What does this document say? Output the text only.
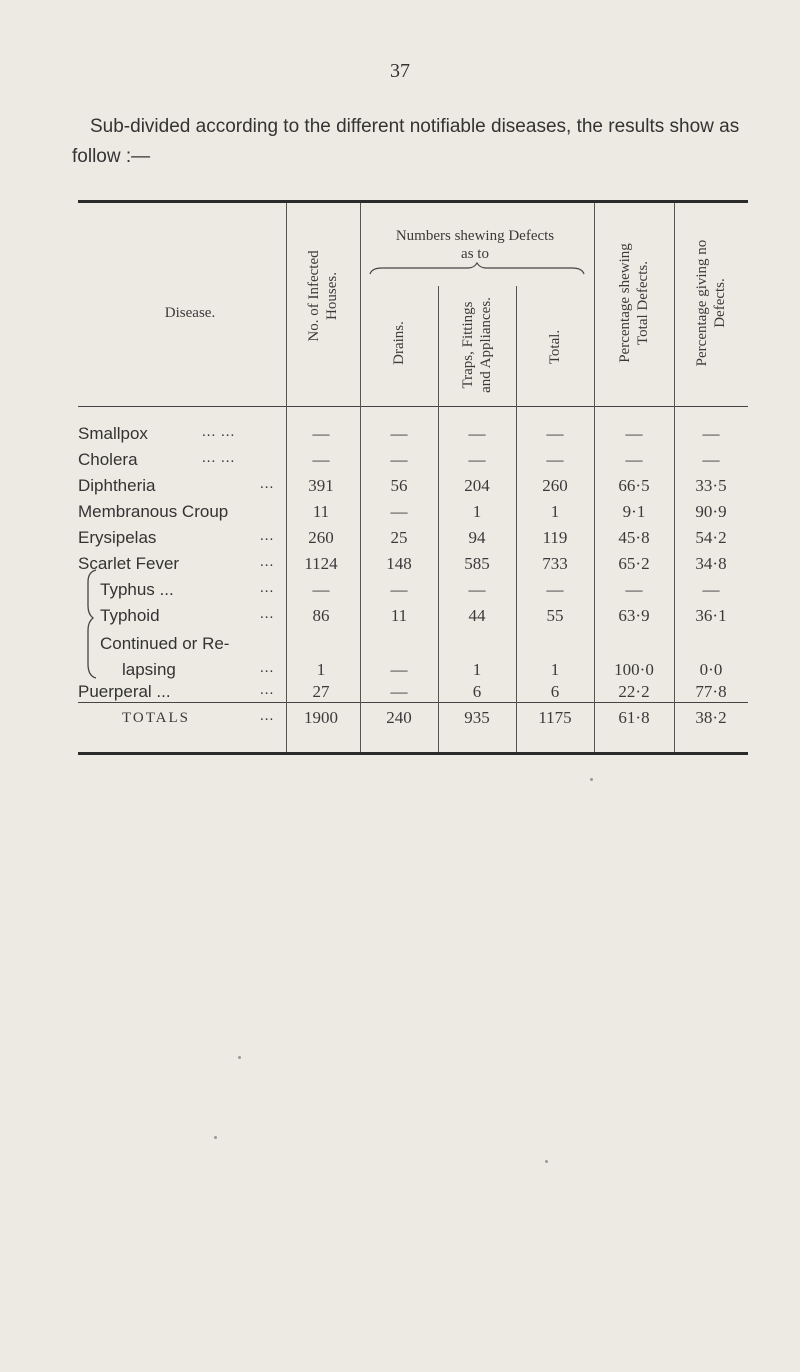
37
Sub-divided according to the different notifiable diseases, the results show as follow :—
Disease.	No. of Infected Houses.
Numbers shewing Defects as to
Drains.	Traps, Fittings and Appliances.	Total.	Percentage shewing Total Defects.	Percentage giving no Defects.
Smallpox	... ...	—	—	—	—	—	—
Cholera	... ...	—	—	—	—	—	—
Diphtheria	...	391	56	204	260	66·5	33·5
Membranous Croup	11	—	1	1	9·1	90·9
Erysipelas	...	260	25	94	119	45·8	54·2
Scarlet Fever	...	1124	148	585	733	65·2	34·8
Typhus ...	...	—	—	—	—	—	—
Typhoid	...	86	11	44	55	63·9	36·1
Continued or Re-
lapsing	...	1	—	1	1	100·0	0·0
Puerperal ...	...	27	—	6	6	22·2	77·8
TOTALS	...	1900	240	935	1175	61·8	38·2
